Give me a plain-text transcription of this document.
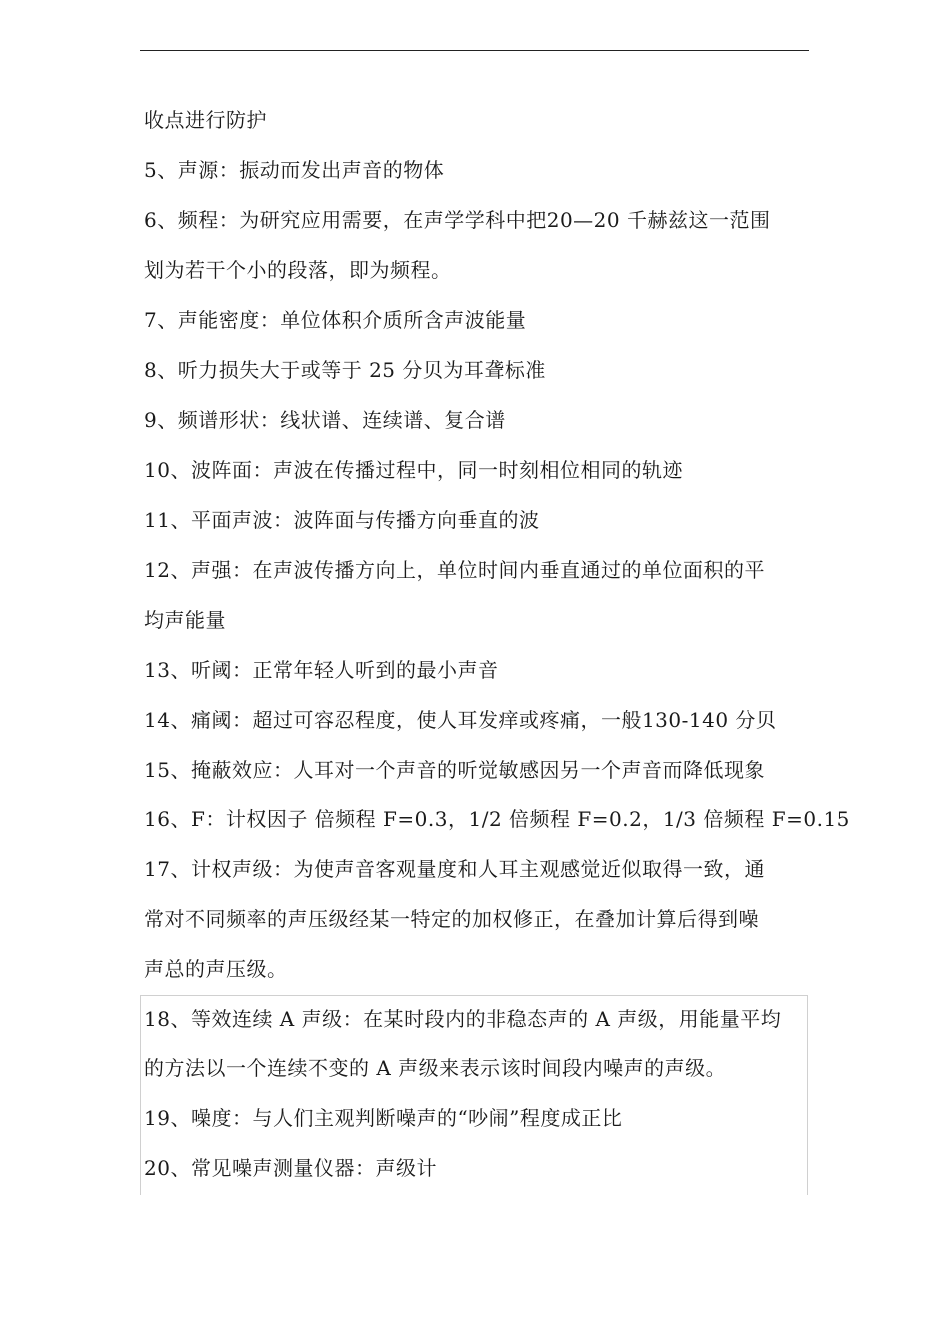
收点进行防护
5、声源：振动而发出声音的物体
6、频程：为研究应用需要，在声学学科中把20—20 千赫兹这一范围
划为若干个小的段落，即为频程。
7、声能密度：单位体积介质所含声波能量
8、听力损失大于或等于 25 分贝为耳聋标准
9、频谱形状：线状谱、连续谱、复合谱
10、波阵面：声波在传播过程中，同一时刻相位相同的轨迹
11、平面声波：波阵面与传播方向垂直的波
12、声强：在声波传播方向上，单位时间内垂直通过的单位面积的平
均声能量
13、听阈：正常年轻人听到的最小声音
14、痛阈：超过可容忍程度，使人耳发痒或疼痛，一般130-140 分贝
15、掩蔽效应：人耳对一个声音的听觉敏感因另一个声音而降低现象
16、F：计权因子 倍频程 F=0.3，1/2 倍频程 F=0.2，1/3 倍频程 F=0.15
17、计权声级：为使声音客观量度和人耳主观感觉近似取得一致，通
常对不同频率的声压级经某一特定的加权修正，在叠加计算后得到噪
声总的声压级。
18、等效连续 A 声级：在某时段内的非稳态声的 A 声级，用能量平均
的方法以一个连续不变的 A 声级来表示该时间段内噪声的声级。
19、噪度：与人们主观判断噪声的“吵闹”程度成正比
20、常见噪声测量仪器：声级计
